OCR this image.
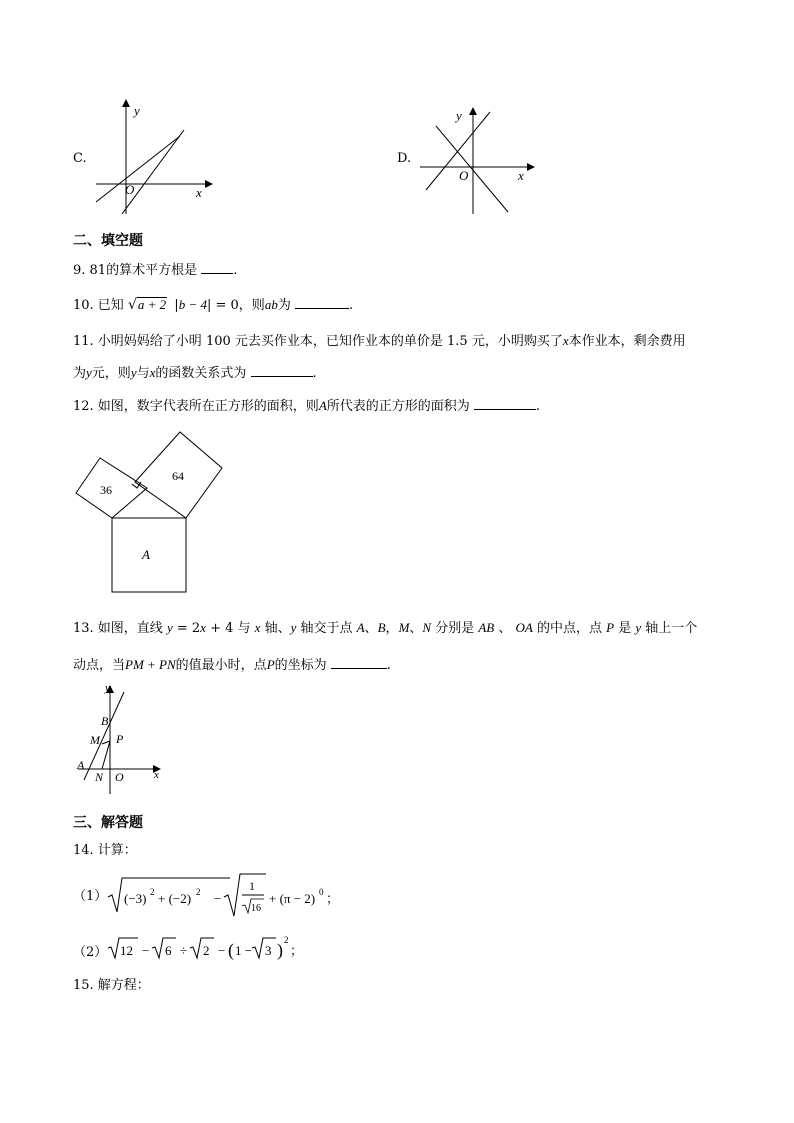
C.
y
x
O
D.
y
x
O
二、填空题
9. 81的算术平方根是	.
10. 已知 √a + 2 |b − 4| = 0，则ab为	.
11. 小明妈妈给了小明 100 元去买作业本，已知作业本的单价是 1.5 元，小明购买了x本作业本，剩余费用
为y元，则y与x的函数关系式为	.
12. 如图，数字代表所在正方形的面积，则A所代表的正方形的面积为	.
36
64
A
13. 如图，直线 y = 2x + 4 与 x 轴、y 轴交于点 A、B，M、N 分别是 AB 、 OA 的中点，点 P 是 y 轴上一个
动点，当PM + PN的值最小时，点P的坐标为	.
y
x
B
M P
A
N O
三、解答题
14. 计算：
（1） (−3) 2 + (−2) 2 −
1
16
+ (π − 2) 0 ；
（2） 12 − 6 ÷ 2 − ( 1 − 3 ) 2
；
15. 解方程：
